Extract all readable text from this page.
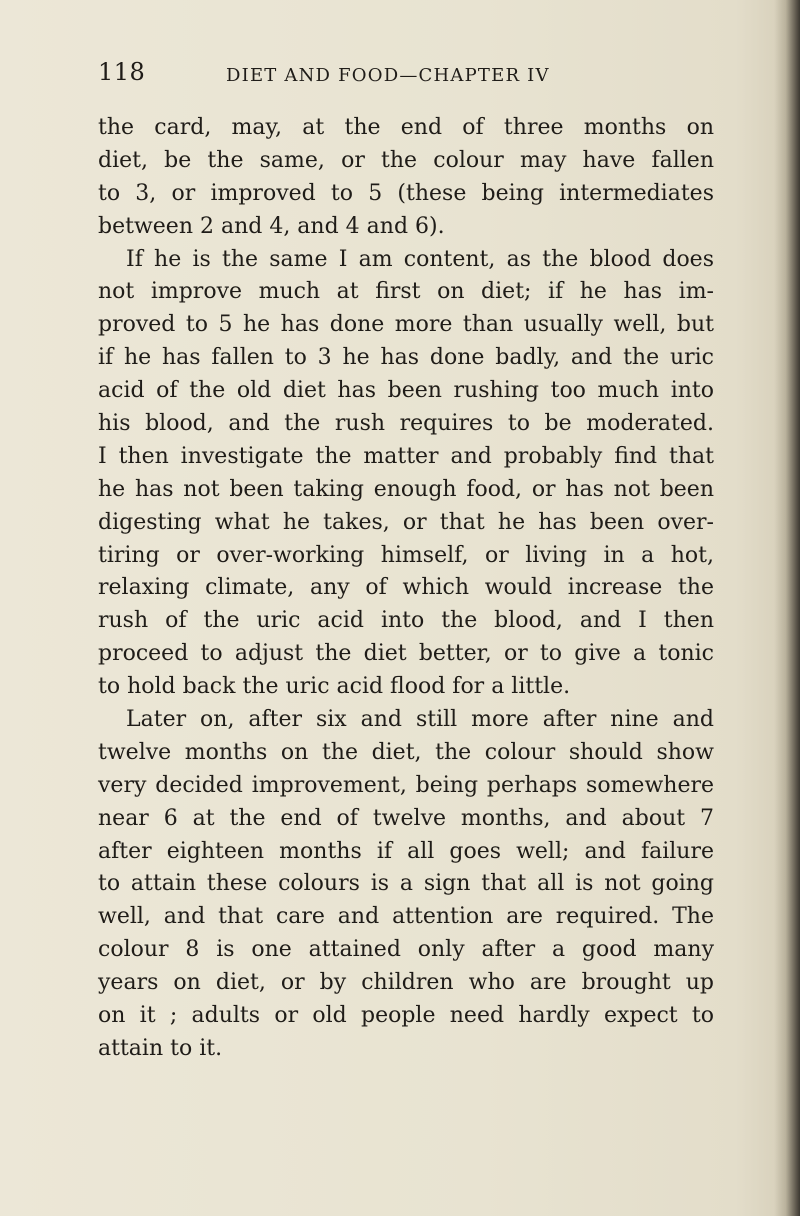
118	DIET AND FOOD—CHAPTER IV
the card, may, at the end of three months on
diet, be the same, or the colour may have fallen
to 3, or improved to 5 (these being intermediates
between 2 and 4, and 4 and 6).
If he is the same I am content, as the blood does
not improve much at first on diet; if he has im-
proved to 5 he has done more than usually well, but
if he has fallen to 3 he has done badly, and the uric
acid of the old diet has been rushing too much into
his blood, and the rush requires to be moderated.
I then investigate the matter and probably find that
he has not been taking enough food, or has not been
digesting what he takes, or that he has been over-
tiring or over-working himself, or living in a hot,
relaxing climate, any of which would increase the
rush of the uric acid into the blood, and I then
proceed to adjust the diet better, or to give a tonic
to hold back the uric acid flood for a little.
Later on, after six and still more after nine and
twelve months on the diet, the colour should show
very decided improvement, being perhaps somewhere
near 6 at the end of twelve months, and about 7
after eighteen months if all goes well; and failure
to attain these colours is a sign that all is not going
well, and that care and attention are required. The
colour 8 is one attained only after a good many
years on diet, or by children who are brought up
on it ; adults or old people need hardly expect to
attain to it.
